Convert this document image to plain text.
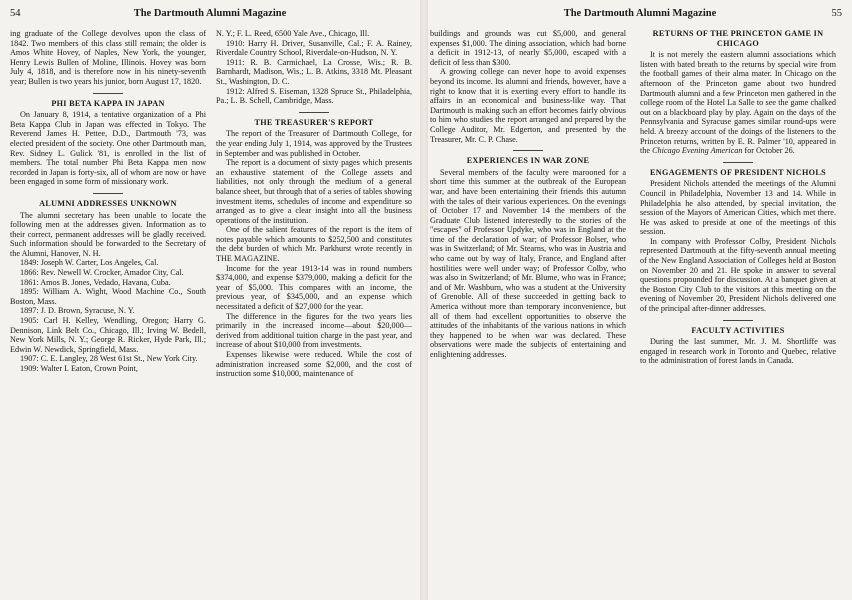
54	The Dartmouth Alumni Magazine

ing graduate of the College devolves upon the class of 1842. Two members of this class still remain; the older is Amos White Hovey, of Naples, New York, the younger, Henry Lewis Bullen of Moline, Illinois. Hovey was born July 4, 1818, and is therefore now in his ninety-seventh year; Bullen is two years his junior, born August 17, 1820.

PHI BETA KAPPA IN JAPAN

On January 8, 1914, a tentative organization of a Phi Beta Kappa Club in Japan was effected in Tokyo. The Reverend James H. Pettee, D.D., Dartmouth '73, was elected president of the society. One other Dartmouth man, Rev. Sidney L. Gulick '81, is enrolled in the list of members. The total number Phi Beta Kappa men now recorded in Japan is forty-six, all of whom are now or have been engaged in some form of missionary work.

ALUMNI ADDRESSES UNKNOWN

The alumni secretary has been unable to locate the following men at the addresses given. Information as to their correct, permanent addresses will be gladly received. Such information should be forwarded to the Secretary of the Alumni, Hanover, N. H.

1849: Joseph W. Carter, Los Angeles, Cal.

1866: Rev. Newell W. Crocker, Amador City, Cal.

1861: Amos B. Jones, Vedado, Havana, Cuba.

1895: William A. Wight, Wood Machine Co., South Boston, Mass.

1897: J. D. Brown, Syracuse, N. Y.

1905: Carl H. Kelley, Wendling, Oregon; Harry G. Dennison, Link Belt Co., Chicago, Ill.; Irving W. Bedell, New York Mills, N. Y.; George R. Ricker, Hyde Park, Ill.; Edwin W. Newdick, Springfield, Mass.

1907: C. E. Langley, 28 West 61st St., New York City.

1909: Walter I. Eaton, Crown Point,

N. Y.; F. L. Reed, 6500 Yale Ave., Chicago, Ill.

1910: Harry H. Driver, Susanville, Cal.; F. A. Rainey, Riverdale Country School, Riverdale-on-Hudson, N. Y.

1911: R. B. Carmichael, La Crosse, Wis.; R. B. Barnhardt, Madison, Wis.; L. B. Atkins, 3318 Mt. Pleasant St., Washington, D. C.

1912: Alfred S. Eiseman, 1328 Spruce St., Philadelphia, Pa.; L. B. Schell, Cambridge, Mass.

THE TREASURER'S REPORT

The report of the Treasurer of Dartmouth College, for the year ending July 1, 1914, was approved by the Trustees in September and was published in October.

The report is a document of sixty pages which presents an exhaustive statement of the College assets and liabilities, not only through the medium of a general balance sheet, but through that of a series of tables showing investment items, schedules of income and expenditure so arranged as to give a clear insight into all the business operations of the institution.

One of the salient features of the report is the item of notes payable which amounts to $252,500 and constitutes the debt burden of which Mr. Parkhurst wrote recently in THE MAGAZINE.

Income for the year 1913-14 was in round numbers $374,000, and expense $379,000, making a deficit for the year of $5,000. This compares with an income, the previous year, of $345,000, and an expense which necessitated a deficit of $27,000 for the year.

The difference in the figures for the two years lies primarily in the increased income—about $20,000—derived from additional tuition charge in the past year, and increase of about $10,000 from investments.

Expenses likewise were reduced. While the cost of administration increased some $2,000, and the cost of instruction some $10,000, maintenance of

The Dartmouth Alumni Magazine	55

buildings and grounds was cut $5,000, and general expenses $1,000. The dining association, which had borne a deficit in 1912-13, of nearly $5,000, escaped with a deficit of less than $300.

A growing college can never hope to avoid expenses beyond its income. Its alumni and friends, however, have a right to know that it is exerting every effort to handle its affairs in an economical and business-like way. That Dartmouth is making such an effort becomes fairly obvious to him who studies the report arranged and prepared by the College Auditor, Mr. Edgerton, and presented by the Treasurer, Mr. C. P. Chase.

EXPERIENCES IN WAR ZONE

Several members of the faculty were marooned for a short time this summer at the outbreak of the European war, and have been entertaining their friends this autumn with the tales of their various experiences. On the evenings of October 17 and November 14 the members of the Graduate Club listened interestedly to the stories of the "escapes" of Professor Updyke, who was in England at the time of the declaration of war; of Professor Bolser, who was in Switzerland; of Mr. Stearns, who was in Austria and who came out by way of Italy, France, and England after hostilities were well under way; of Professor Colby, who was also in Switzerland; of Mr. Blume, who was in France; and of Mr. Washburn, who was a student at the University of Grenoble. All of these succeeded in getting back to America without more than temporary inconvenience, but all of them had excellent opportunities to observe the attitudes of the inhabitants of the various nations in which they happened to be when war was declared. These observations were made the subjects of entertaining and enlightening addresses.

RETURNS OF THE PRINCETON GAME IN CHICAGO

It is not merely the eastern alumni associations which listen with bated breath to the returns by special wire from the football games of their alma mater. In Chicago on the afternoon of the Princeton game about two hundred Dartmouth alumni and a few Princeton men gathered in the college room of the Hotel La Salle to see the game chalked out on a blackboard play by play. Again on the days of the Pennsylvania and Syracuse games similar round-ups were held. A breezy account of the doings of the listeners to the Princeton returns, written by E. R. Palmer '10, appeared in the Chicago Evening American for October 26.

ENGAGEMENTS OF PRESIDENT NICHOLS

President Nichols attended the meetings of the Alumni Council in Philadelphia, November 13 and 14. While in Philadelphia he also attended, by special invitation, the session of the Mayors of American Cities, which met there. He was asked to preside at one of the meetings of this session.

In company with Professor Colby, President Nichols represented Dartmouth at the fifty-seventh annual meeting of the New England Association of Colleges held at Boston on November 20 and 21. He spoke in answer to several questions propounded for discussion. At a banquet given at the Boston City Club to the visitors at this meeting on the evening of November 20, President Nichols delivered one of the principal after-dinner addresses.

FACULTY ACTIVITIES

During the last summer, Mr. J. M. Shortliffe was engaged in research work in Toronto and Quebec, relative to the administration of forest lands in Canada.
